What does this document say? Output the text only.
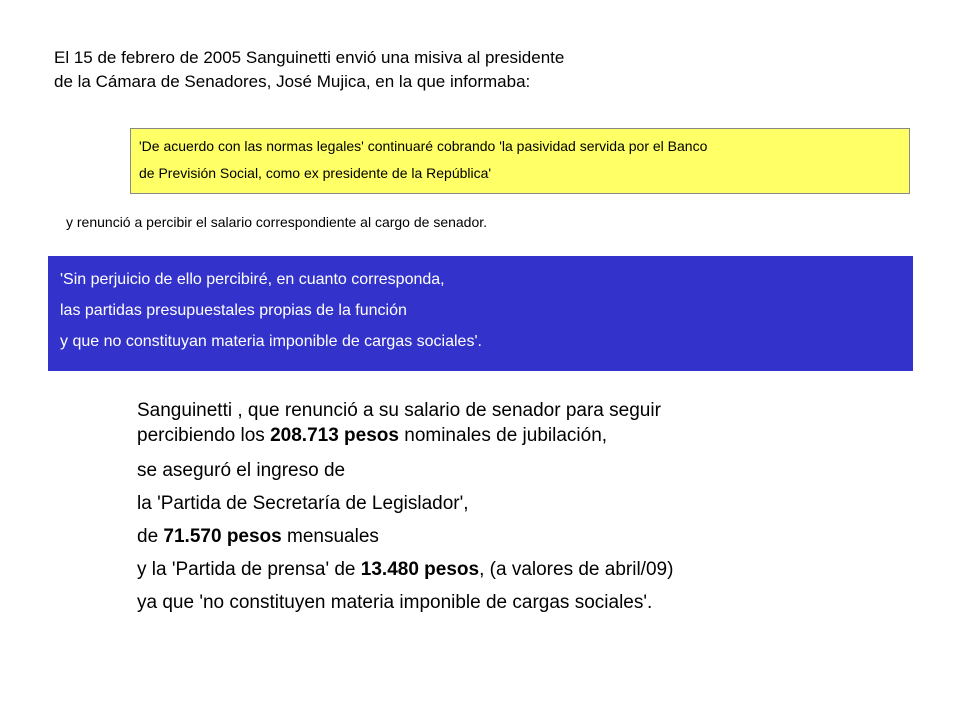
El 15 de febrero de 2005 Sanguinetti envió una misiva al presidente
de la Cámara de Senadores, José Mujica, en la que informaba:
'De acuerdo con las normas legales' continuaré cobrando 'la pasividad servida por el Banco
de Previsión Social, como ex presidente de la República'
y renunció a percibir el salario correspondiente al cargo de senador.
'Sin perjuicio de ello percibiré, en cuanto corresponda,
las partidas presupuestales propias de la función
y que no constituyan materia imponible de cargas sociales'.
Sanguinetti , que renunció a su salario de senador para seguir
percibiendo los 208.713 pesos nominales de jubilación,
se aseguró el ingreso de
la 'Partida de Secretaría de Legislador',
de 71.570 pesos mensuales
y la 'Partida de prensa' de 13.480 pesos, (a valores de abril/09)
ya que 'no constituyen materia imponible de cargas sociales'.
